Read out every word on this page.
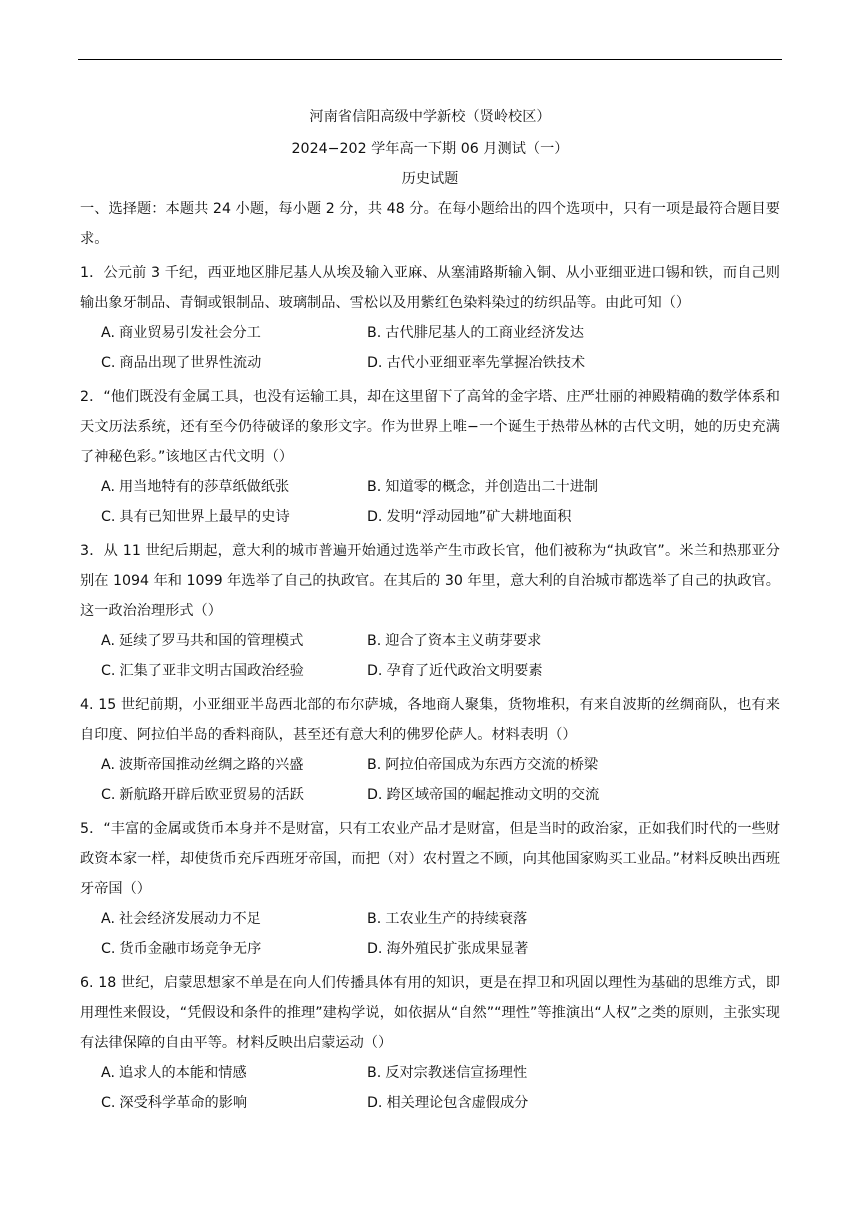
河南省信阳高级中学新校（贤岭校区）
2024−202 学年高一下期 06 月测试（一）
历史试题
一、选择题：本题共 24 小题，每小题 2 分，共 48 分。在每小题给出的四个选项中，只有一项是最符合题目要求。
1．公元前 3 千纪，西亚地区腓尼基人从埃及输入亚麻、从塞浦路斯输入铜、从小亚细亚进口锡和铁，而自己则输出象牙制品、青铜或银制品、玻璃制品、雪松以及用紫红色染料染过的纺织品等。由此可知（）
A. 商业贸易引发社会分工	B. 古代腓尼基人的工商业经济发达
C. 商品出现了世界性流动	D. 古代小亚细亚率先掌握冶铁技术
2．“他们既没有金属工具，也没有运输工具，却在这里留下了高耸的金字塔、庄严壮丽的神殿精确的数学体系和天文历法系统，还有至今仍待破译的象形文字。作为世界上唯−一个诞生于热带丛林的古代文明，她的历史充满了神秘色彩。”该地区古代文明（）
A. 用当地特有的莎草纸做纸张	B. 知道零的概念，并创造出二十进制
C. 具有已知世界上最早的史诗	D. 发明“浮动园地”矿大耕地面积
3．从 11 世纪后期起，意大利的城市普遍开始通过选举产生市政长官，他们被称为“执政官”。米兰和热那亚分别在 1094 年和 1099 年选举了自己的执政官。在其后的 30 年里，意大利的自治城市都选举了自己的执政官。这一政治治理形式（）
A. 延续了罗马共和国的管理模式	B. 迎合了资本主义萌芽要求
C. 汇集了亚非文明古国政治经验	D. 孕育了近代政治文明要素
4. 15 世纪前期，小亚细亚半岛西北部的布尔萨城，各地商人聚集，货物堆积，有来自波斯的丝绸商队，也有来自印度、阿拉伯半岛的香料商队，甚至还有意大利的佛罗伦萨人。材料表明（）
A. 波斯帝国推动丝绸之路的兴盛	B. 阿拉伯帝国成为东西方交流的桥梁
C. 新航路开辟后欧亚贸易的活跃	D. 跨区域帝国的崛起推动文明的交流
5．“丰富的金属或货币本身并不是财富，只有工农业产品才是财富，但是当时的政治家，正如我们时代的一些财政资本家一样，却使货币充斥西班牙帝国，而把（对）农村置之不顾，向其他国家购买工业品。”材料反映出西班牙帝国（）
A. 社会经济发展动力不足	B. 工农业生产的持续衰落
C. 货币金融市场竞争无序	D. 海外殖民扩张成果显著
6. 18 世纪，启蒙思想家不单是在向人们传播具体有用的知识，更是在捍卫和巩固以理性为基础的思维方式，即用理性来假设，“凭假设和条件的推理”建构学说，如依据从“自然”“理性”等推演出“人权”之类的原则，主张实现有法律保障的自由平等。材料反映出启蒙运动（）
A. 追求人的本能和情感	B. 反对宗教迷信宣扬理性
C. 深受科学革命的影响	D. 相关理论包含虚假成分
